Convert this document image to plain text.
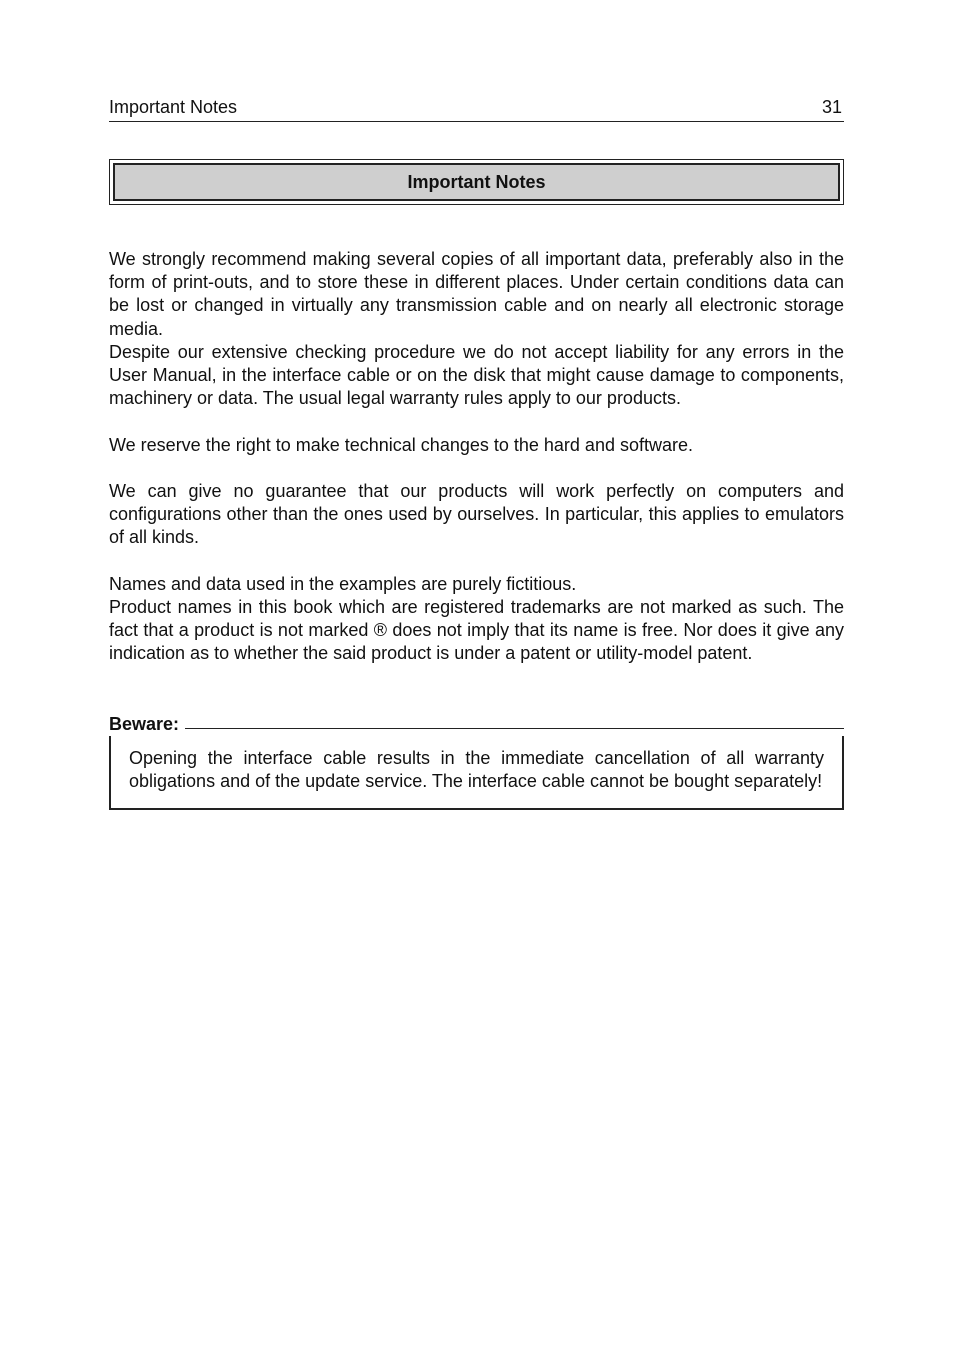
Important Notes	31
Important Notes

We strongly recommend making several copies of all important data, preferably also in the form of print-outs, and to store these in different places. Under certain conditions data can be lost or changed in virtually any transmission cable and on nearly all electronic storage media.

Despite our extensive checking procedure we do not accept liability for any errors in the User Manual, in the interface cable or on the disk that might cause damage to components, machinery or data. The usual legal warranty rules apply to our products.

We reserve the right to make technical changes to the hard and software.

We can give no guarantee that our products will work perfectly on computers and configurations other than the ones used by ourselves. In particular, this applies to emulators of all kinds.

Names and data used in the examples are purely fictitious.

Product names in this book which are registered trademarks are not marked as such. The fact that a product is not marked ® does not imply that its name is free. Nor does it give any indication as to whether the said product is under a patent or utility-model patent.

Beware:
Opening the interface cable results in the immediate cancellation of all warranty obligations and of the update service. The interface cable cannot be bought separately!
